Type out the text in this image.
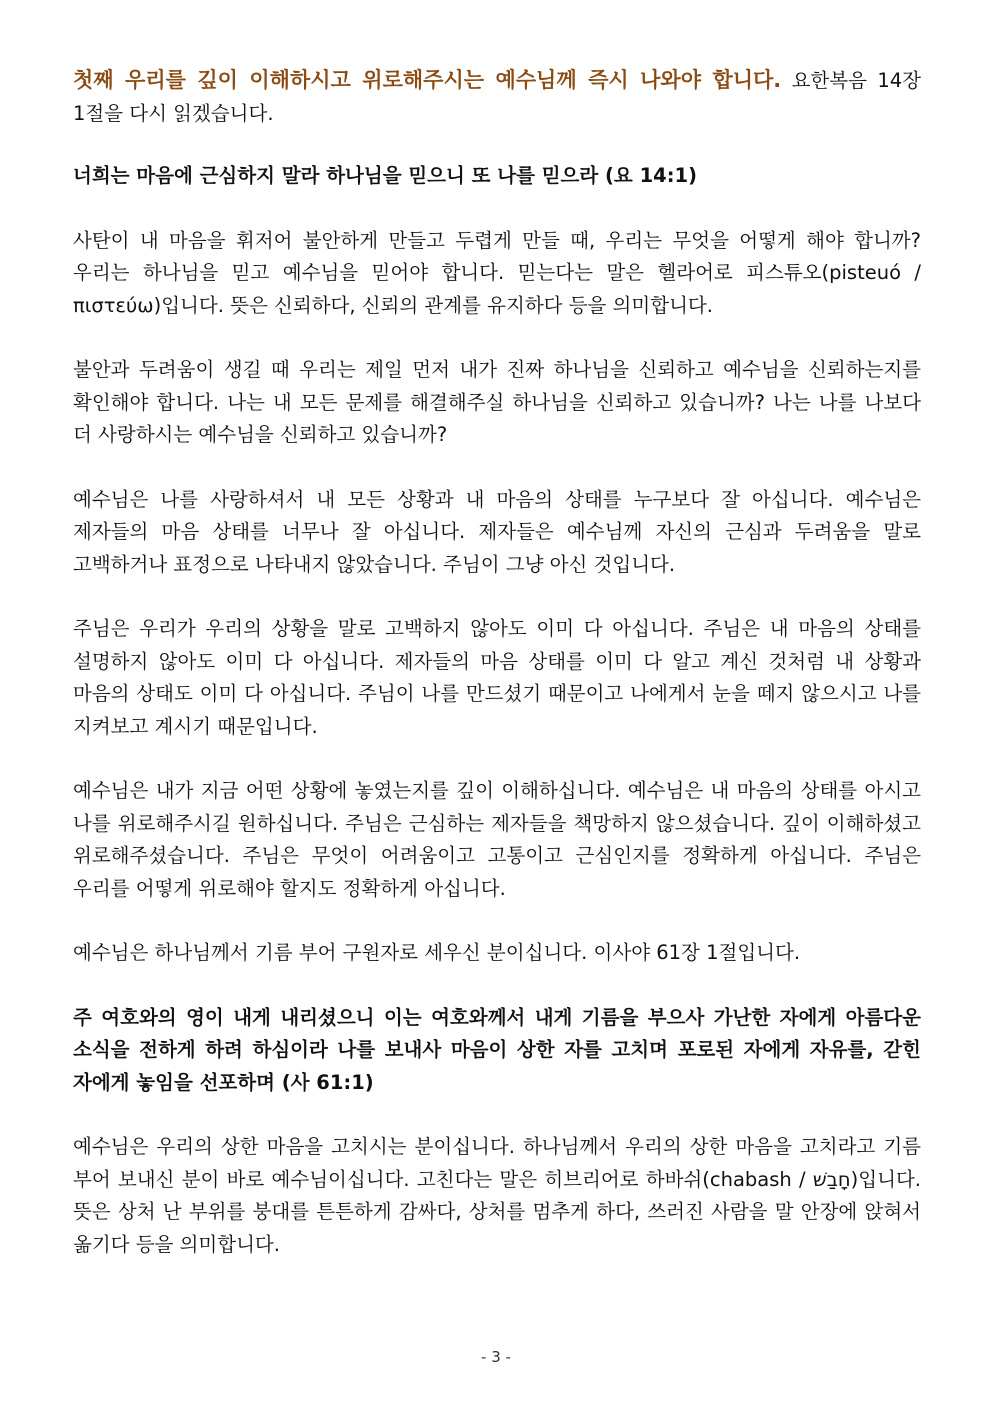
첫째 우리를 깊이 이해하시고 위로해주시는 예수님께 즉시 나와야 합니다. 요한복음 14장 1절을 다시 읽겠습니다.

너희는 마음에 근심하지 말라 하나님을 믿으니 또 나를 믿으라 (요 14:1)

사탄이 내 마음을 휘저어 불안하게 만들고 두렵게 만들 때, 우리는 무엇을 어떻게 해야 합니까? 우리는 하나님을 믿고 예수님을 믿어야 합니다. 믿는다는 말은 헬라어로 피스튜오(pisteuó / πιστεύω)입니다. 뜻은 신뢰하다, 신뢰의 관계를 유지하다 등을 의미합니다.

불안과 두려움이 생길 때 우리는 제일 먼저 내가 진짜 하나님을 신뢰하고 예수님을 신뢰하는지를 확인해야 합니다. 나는 내 모든 문제를 해결해주실 하나님을 신뢰하고 있습니까? 나는 나를 나보다 더 사랑하시는 예수님을 신뢰하고 있습니까?

예수님은 나를 사랑하셔서 내 모든 상황과 내 마음의 상태를 누구보다 잘 아십니다. 예수님은 제자들의 마음 상태를 너무나 잘 아십니다. 제자들은 예수님께 자신의 근심과 두려움을 말로 고백하거나 표정으로 나타내지 않았습니다. 주님이 그냥 아신 것입니다.

주님은 우리가 우리의 상황을 말로 고백하지 않아도 이미 다 아십니다. 주님은 내 마음의 상태를 설명하지 않아도 이미 다 아십니다. 제자들의 마음 상태를 이미 다 알고 계신 것처럼 내 상황과 마음의 상태도 이미 다 아십니다. 주님이 나를 만드셨기 때문이고 나에게서 눈을 떼지 않으시고 나를 지켜보고 계시기 때문입니다.

예수님은 내가 지금 어떤 상황에 놓였는지를 깊이 이해하십니다. 예수님은 내 마음의 상태를 아시고 나를 위로해주시길 원하십니다. 주님은 근심하는 제자들을 책망하지 않으셨습니다. 깊이 이해하셨고 위로해주셨습니다. 주님은 무엇이 어려움이고 고통이고 근심인지를 정확하게 아십니다. 주님은 우리를 어떻게 위로해야 할지도 정확하게 아십니다.

예수님은 하나님께서 기름 부어 구원자로 세우신 분이십니다. 이사야 61장 1절입니다.

주 여호와의 영이 내게 내리셨으니 이는 여호와께서 내게 기름을 부으사 가난한 자에게 아름다운 소식을 전하게 하려 하심이라 나를 보내사 마음이 상한 자를 고치며 포로된 자에게 자유를, 갇힌 자에게 놓임을 선포하며 (사 61:1)

예수님은 우리의 상한 마음을 고치시는 분이십니다. 하나님께서 우리의 상한 마음을 고치라고 기름 부어 보내신 분이 바로 예수님이십니다. 고친다는 말은 히브리어로 하바쉬(chabash / חָבַשׁ)입니다. 뜻은 상처 난 부위를 붕대를 튼튼하게 감싸다, 상처를 멈추게 하다, 쓰러진 사람을 말 안장에 앉혀서 옮기다 등을 의미합니다.

- 3 -
